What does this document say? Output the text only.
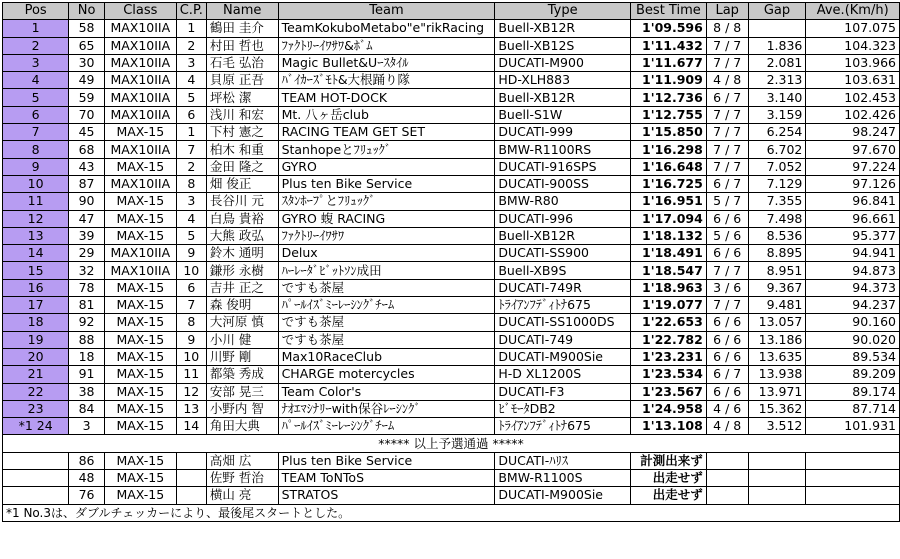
Pos	No	Class	C.P.	Name	Team	Type	Best Time	Lap	Gap	Ave.(Km/h)
1	58	MAX10IIA	1	鶴田 圭介	TeamKokuboMetabo"e"rikRacing	Buell-XB12R	1'09.596	8 / 8		107.075
2	65	MAX10IIA	2	村田 哲也	ﾌｧｸﾄﾘｰｲﾜｻﾜ&ﾎﾞﾑ	Buell-XB12S	1'11.432	7 / 7	1.836	104.323
3	30	MAX10IIA	3	石毛 弘治	Magic Bullet&Uｰｽﾀｲﾙ	DUCATI-M900	1'11.677	7 / 7	2.081	103.966
4	49	MAX10IIA	4	貝原 正吾	ﾊﾞｲｶｰｽﾞﾓﾄ&大根踊り隊	HD-XLH883	1'11.909	4 / 8	2.313	103.631
5	59	MAX10IIA	5	坪松 潔	TEAM HOT-DOCK	Buell-XB12R	1'12.736	6 / 7	3.140	102.453
6	70	MAX10IIA	6	浅川 和宏	Mt. 八ヶ岳club	Buell-S1W	1'12.755	7 / 7	3.159	102.426
7	45	MAX-15	1	下村 憲之	RACING TEAM GET SET	DUCATI-999	1'15.850	7 / 7	6.254	98.247
8	68	MAX10IIA	7	柏木 和重	Stanhopeとﾌﾘｭｯｸﾞ	BMW-R1100RS	1'16.298	7 / 7	6.702	97.670
9	43	MAX-15	2	金田 隆之	GYRO	DUCATI-916SPS	1'16.648	7 / 7	7.052	97.224
10	87	MAX10IIA	8	畑 俊正	Plus ten Bike Service	DUCATI-900SS	1'16.725	6 / 7	7.129	97.126
11	90	MAX-15	3	長谷川 元	ｽﾀﾝﾎｰﾌﾟとﾌﾘｭｯｸﾞ	BMW-R80	1'16.951	5 / 7	7.355	96.841
12	47	MAX-15	4	白鳥 貴裕	GYRO 蝮 RACING	DUCATI-996	1'17.094	6 / 6	7.498	96.661
13	39	MAX-15	5	大熊 政弘	ﾌｧｸﾄﾘｰｲﾜｻﾜ	Buell-XB12R	1'18.132	5 / 6	8.536	95.377
14	29	MAX10IIA	9	鈴木 通明	Delux	DUCATI-SS900	1'18.491	6 / 6	8.895	94.941
15	32	MAX10IIA	10	鎌形 永樹	ﾊｰﾚｰﾀﾞﾋﾞｯﾄｿﾝ成田	Buell-XB9S	1'18.547	7 / 7	8.951	94.873
16	78	MAX-15	6	吉井 正之	ですも茶屋	DUCATI-749R	1'18.963	3 / 6	9.367	94.373
17	81	MAX-15	7	森 俊明	ﾊﾟｰﾙｲｽﾞﾐｰﾚｰｼﾝｸﾞﾁｰﾑ	ﾄﾗｲｱﾝﾌﾃﾞｨﾄﾅ675	1'19.077	7 / 7	9.481	94.237
18	92	MAX-15	8	大河原 慎	ですも茶屋	DUCATI-SS1000DS	1'22.653	6 / 6	13.057	90.160
19	88	MAX-15	9	小川 健	ですも茶屋	DUCATI-749	1'22.782	6 / 6	13.186	90.020
20	18	MAX-15	10	川野 剛	Max10RaceClub	DUCATI-M900Sie	1'23.231	6 / 6	13.635	89.534
21	91	MAX-15	11	都築 秀成	CHARGE motercycles	H-D XL1200S	1'23.534	6 / 7	13.938	89.209
22	38	MAX-15	12	安部 晃三	Team Color's	DUCATI-F3	1'23.567	6 / 6	13.971	89.174
23	84	MAX-15	13	小野内 智	ﾅｵｴﾏｼﾅﾘｰwith保谷ﾚｰｼﾝｸﾞ	ﾋﾞﾓｰﾀDB2	1'24.958	4 / 6	15.362	87.714
*1 24	3	MAX-15	14	角田大典	ﾊﾟｰﾙｲｽﾞﾐｰﾚｰｼﾝｸﾞﾁｰﾑ	ﾄﾗｲｱﾝﾌﾃﾞｨﾄﾅ675	1'13.108	4 / 8	3.512	101.931
***** 以上予選通過 *****										
	86	MAX-15		高畑 広	Plus ten Bike Service	DUCATI-ﾊﾘｽ	計測出来ず			
	48	MAX-15		佐野 哲治	TEAM ToNToS	BMW-R1100S	出走せず			
	76	MAX-15		横山 亮	STRATOS	DUCATI-M900Sie	出走せず			
*1 No.3は、ダブルチェッカーにより、最後尾スタートとした。										
